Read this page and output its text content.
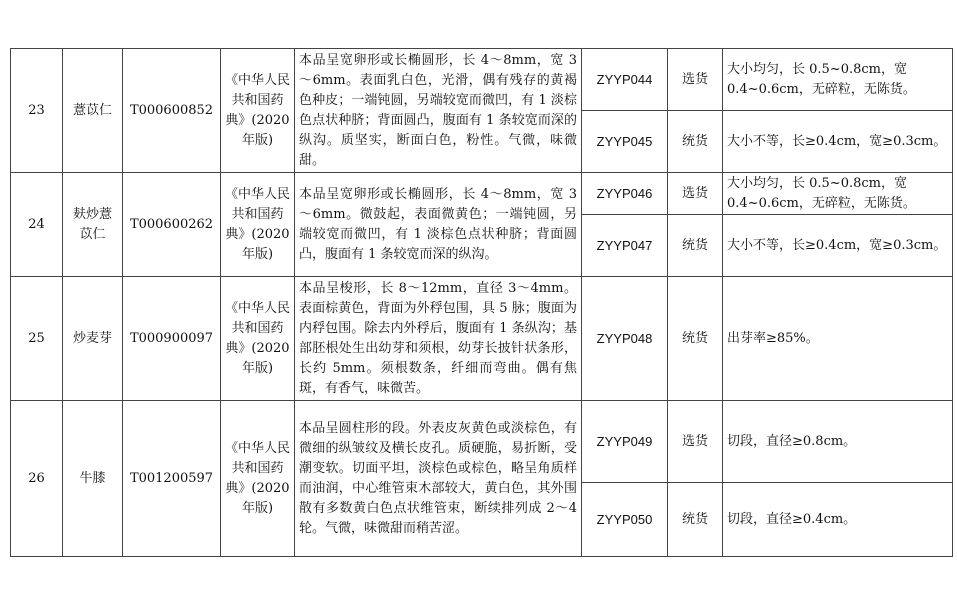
23	薏苡仁	T000600852	《中华人民共和国药典》(2020 年版)	本品呈宽卵形或长椭圆形，长 4～8mm，宽 3～6mm。表面乳白色，光滑，偶有残存的黄褐色种皮；一端钝圆，另端较宽而微凹，有 1 淡棕色点状种脐；背面圆凸，腹面有 1 条较宽而深的纵沟。质坚实，断面白色，粉性。气微，味微甜。	ZYYP044	选货	大小均匀，长 0.5~0.8cm，宽 0.4~0.6cm，无碎粒，无陈货。
					ZYYP045	统货	大小不等，长≥0.4cm，宽≥0.3cm。
24	麸炒薏苡仁	T000600262	《中华人民共和国药典》(2020 年版)	本品呈宽卵形或长椭圆形，长 4～8mm，宽 3～6mm。微鼓起，表面微黄色；一端钝圆，另端较宽而微凹，有 1 淡棕色点状种脐；背面圆凸，腹面有 1 条较宽而深的纵沟。	ZYYP046	选货	大小均匀，长 0.5~0.8cm，宽 0.4~0.6cm，无碎粒，无陈货。
					ZYYP047	统货	大小不等，长≥0.4cm，宽≥0.3cm。
25	炒麦芽	T000900097	《中华人民共和国药典》(2020 年版)	本品呈梭形，长 8～12mm，直径 3～4mm。表面棕黄色，背面为外稃包围，具 5 脉；腹面为内稃包围。除去内外稃后，腹面有 1 条纵沟；基部胚根处生出幼芽和须根，幼芽长披针状条形，长约 5mm。须根数条，纤细而弯曲。偶有焦斑，有香气，味微苦。	ZYYP048	统货	出芽率≥85%。
26	牛膝	T001200597	《中华人民共和国药典》(2020 年版)	本品呈圆柱形的段。外表皮灰黄色或淡棕色，有微细的纵皱纹及横长皮孔。质硬脆，易折断，受潮变软。切面平坦，淡棕色或棕色，略呈角质样而油润，中心维管束木部较大，黄白色，其外围散有多数黄白色点状维管束，断续排列成 2～4 轮。气微，味微甜而稍苦涩。	ZYYP049	选货	切段，直径≥0.8cm。
					ZYYP050	统货	切段，直径≥0.4cm。
